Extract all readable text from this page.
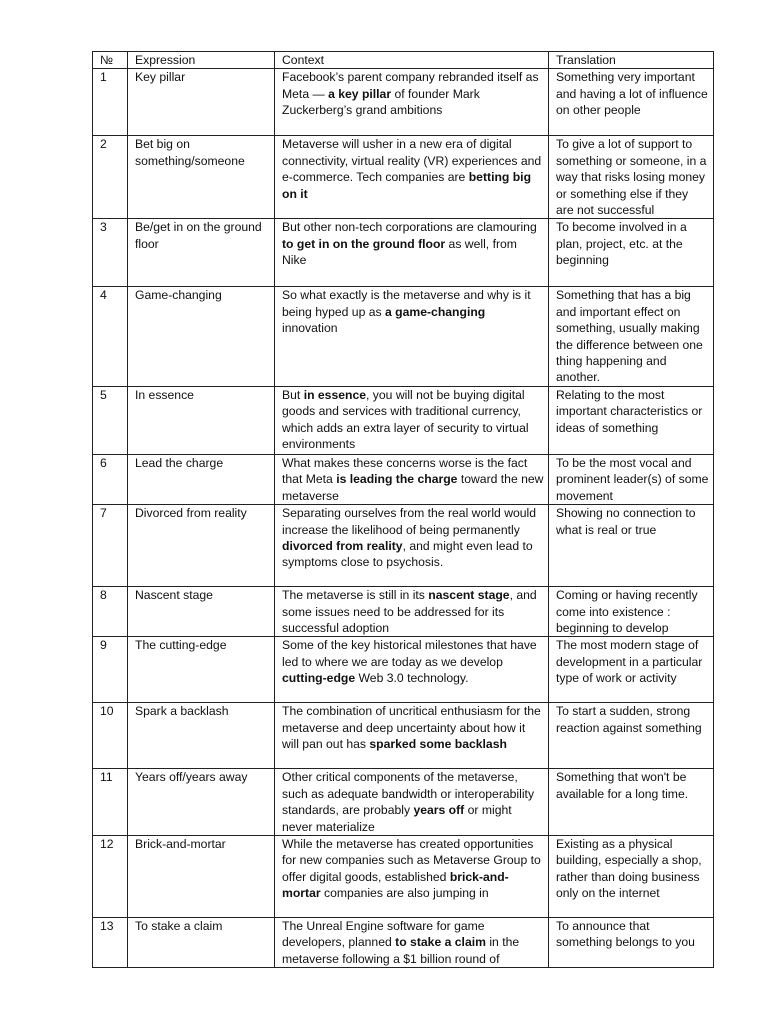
№	Expression	Context	Translation
1	Key pillar	Facebook’s parent company rebranded itself as Meta — a key pillar of founder Mark Zuckerberg’s grand ambitions	Something very important and having a lot of influence on other people
2	Bet big on something/someone	Metaverse will usher in a new era of digital connectivity, virtual reality (VR) experiences and e-commerce. Tech companies are betting big on it	To give a lot of support to something or someone, in a way that risks losing money or something else if they are not successful
3	Be/get in on the ground floor	But other non-tech corporations are clamouring to get in on the ground floor as well, from Nike	To become involved in a plan, project, etc. at the beginning
4	Game-changing	So what exactly is the metaverse and why is it being hyped up as a game-changing innovation	Something that has a big and important effect on something, usually making the difference between one thing happening and another.
5	In essence	But in essence, you will not be buying digital goods and services with traditional currency, which adds an extra layer of security to virtual environments	Relating to the most important characteristics or ideas of something
6	Lead the charge	What makes these concerns worse is the fact that Meta is leading the charge toward the new metaverse	To be the most vocal and prominent leader(s) of some movement
7	Divorced from reality	Separating ourselves from the real world would increase the likelihood of being permanently divorced from reality, and might even lead to symptoms close to psychosis.	Showing no connection to what is real or true
8	Nascent stage	The metaverse is still in its nascent stage, and some issues need to be addressed for its successful adoption	Coming or having recently come into existence : beginning to develop
9	The cutting-edge	Some of the key historical milestones that have led to where we are today as we develop cutting-edge Web 3.0 technology.	The most modern stage of development in a particular type of work or activity
10	Spark a backlash	The combination of uncritical enthusiasm for the metaverse and deep uncertainty about how it will pan out has sparked some backlash	To start a sudden, strong reaction against something
11	Years off/years away	Other critical components of the metaverse, such as adequate bandwidth or interoperability standards, are probably years off or might never materialize	Something that won't be available for a long time.
12	Brick-and-mortar	While the metaverse has created opportunities for new companies such as Metaverse Group to offer digital goods, established brick-and-mortar companies are also jumping in	Existing as a physical building, especially a shop, rather than doing business only on the internet
13	To stake a claim	The Unreal Engine software for game developers, planned to stake a claim in the metaverse following a $1 billion round of	To announce that something belongs to you
